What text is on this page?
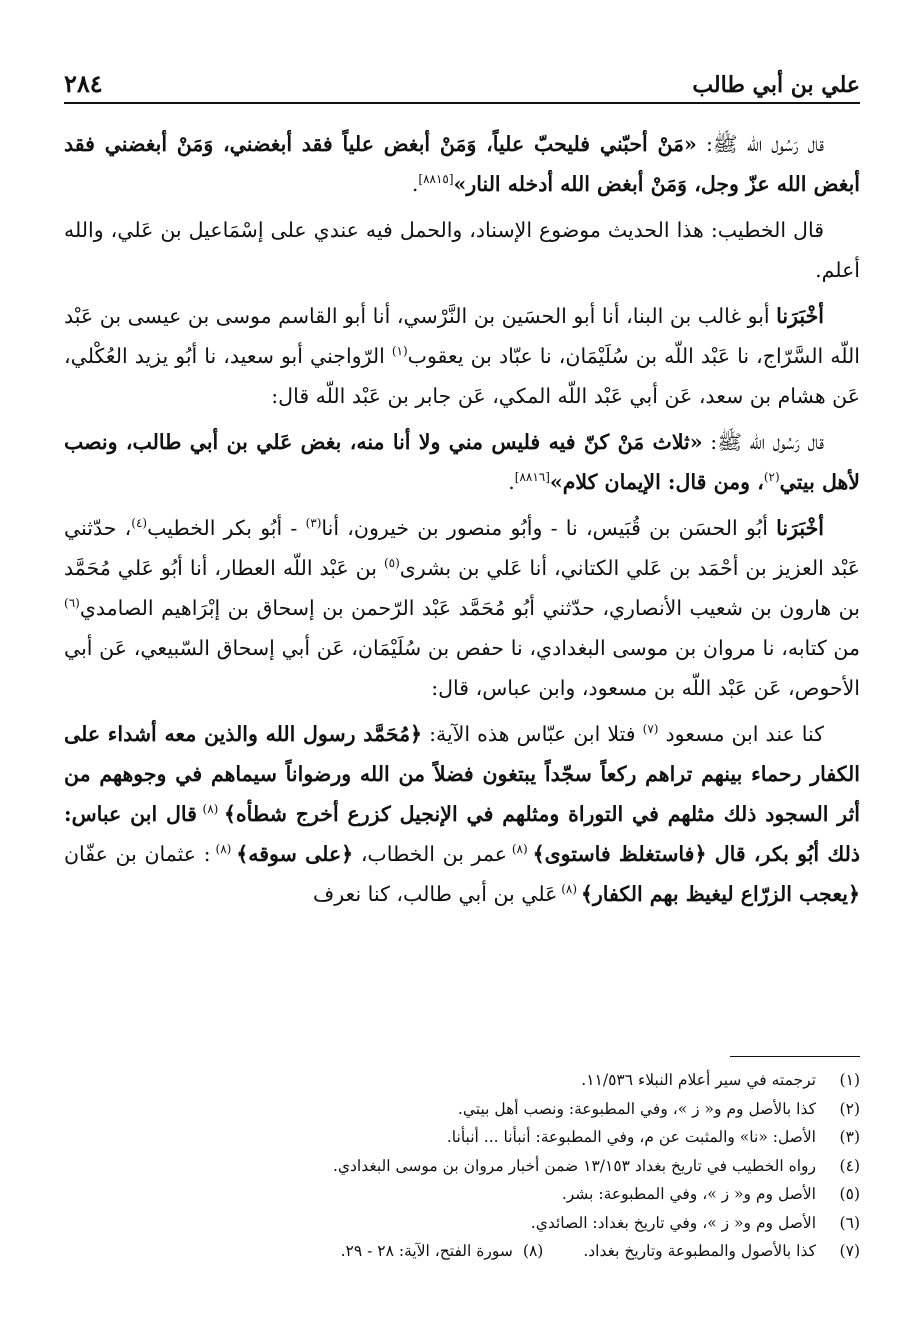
علي بن أبي طالب
٢٨٤

قال رَسُول الله ﷺ: «مَنْ أحبّني فليحبّ علياً، وَمَنْ أبغض علياً فقد أبغضني، وَمَنْ أبغضني فقد أبغض الله عزّ وجل، وَمَنْ أبغض الله أدخله النار»[٨٨١٥].

قال الخطيب: هذا الحديث موضوع الإسناد، والحمل فيه عندي على إسْمَاعيل بن عَلي، والله أعلم.

أخْبَرَنا أبو غالب بن البنا، أنا أبو الحسَين بن النَّرْسي، أنا أبو القاسم موسى بن عيسى بن عَبْد اللّه السَّرّاج، نا عَبْد اللّه بن سُلَيْمَان، نا عبّاد بن يعقوب$^{(١)}$ الرّواجني أبو سعيد، نا أبُو يزيد العُكْلي، عَن هشام بن سعد، عَن أبي عَبْد اللّه المكي، عَن جابر بن عَبْد اللّه قال:

قال رَسُول الله ﷺ: «ثلاث مَنْ كنّ فيه فليس مني ولا أنا منه، بغض عَلي بن أبي طالب، ونصب لأهل بيتي$^{(٢)}$، ومن قال: الإيمان كلام»[٨٨١٦].

أخْبَرَنا أبُو الحسَن بن قُبَيس، نا - وأبُو منصور بن خيرون، أنا$^{(٣)}$ - أبُو بكر الخطيب$^{(٤)}$، حدّثني عَبْد العزيز بن أحْمَد بن عَلي الكتاني، أنا عَلي بن بشرى$^{(٥)}$ بن عَبْد اللّه العطار، أنا أبُو عَلي مُحَمَّد بن هارون بن شعيب الأنصاري، حدّثني أبُو مُحَمَّد عَبْد الرّحمن بن إسحاق بن إبْرَاهيم الصامدي$^{(٦)}$ من كتابه، نا مروان بن موسى البغدادي، نا حفص بن سُلَيْمَان، عَن أبي إسحاق السّبيعي، عَن أبي الأحوص، عَن عَبْد اللّه بن مسعود، وابن عباس، قال:

كنا عند ابن مسعود $^{(٧)}$ فتلا ابن عبّاس هذه الآية: ﴿مُحَمَّد رسول الله والذين معه أشداء على الكفار رحماء بينهم تراهم ركعاً سجّداً يبتغون فضلاً من الله ورضواناً سيماهم في وجوههم من أثر السجود ذلك مثلهم في التوراة ومثلهم في الإنجيل كزرع أخرج شطأه﴾ $^{(٨)}$ قال ابن عباس: ذلك أبُو بكر، قال ﴿فاستغلظ فاستوى﴾ $^{(٨)}$ عمر بن الخطاب، ﴿على سوقه﴾ $^{(٨)}$ : عثمان بن عفّان ﴿يعجب الزرّاع ليغيظ بهم الكفار﴾ $^{(٨)}$ عَلي بن أبي طالب، كنا نعرف

(١)
ترجمته في سير أعلام النبلاء ١١/٥٣٦.
(٢)
كذا بالأصل وم و« ز »، وفي المطبوعة: ونصب أهل بيتي.
(٣)
الأصل: «نا» والمثبت عن م، وفي المطبوعة: أنبأنا ... أنبأنا.
(٤)
رواه الخطيب في تاريخ بغداد ١٣/١٥٣ ضمن أخبار مروان بن موسى البغدادي.
(٥)
الأصل وم و« ز »، وفي المطبوعة: بشر.
(٦)
الأصل وم و« ز »، وفي تاريخ بغداد: الصائدي.
(٧)
كذا بالأصول والمطبوعة وتاريخ بغداد.
(٨)
سورة الفتح، الآية: ٢٨ - ٢٩.
